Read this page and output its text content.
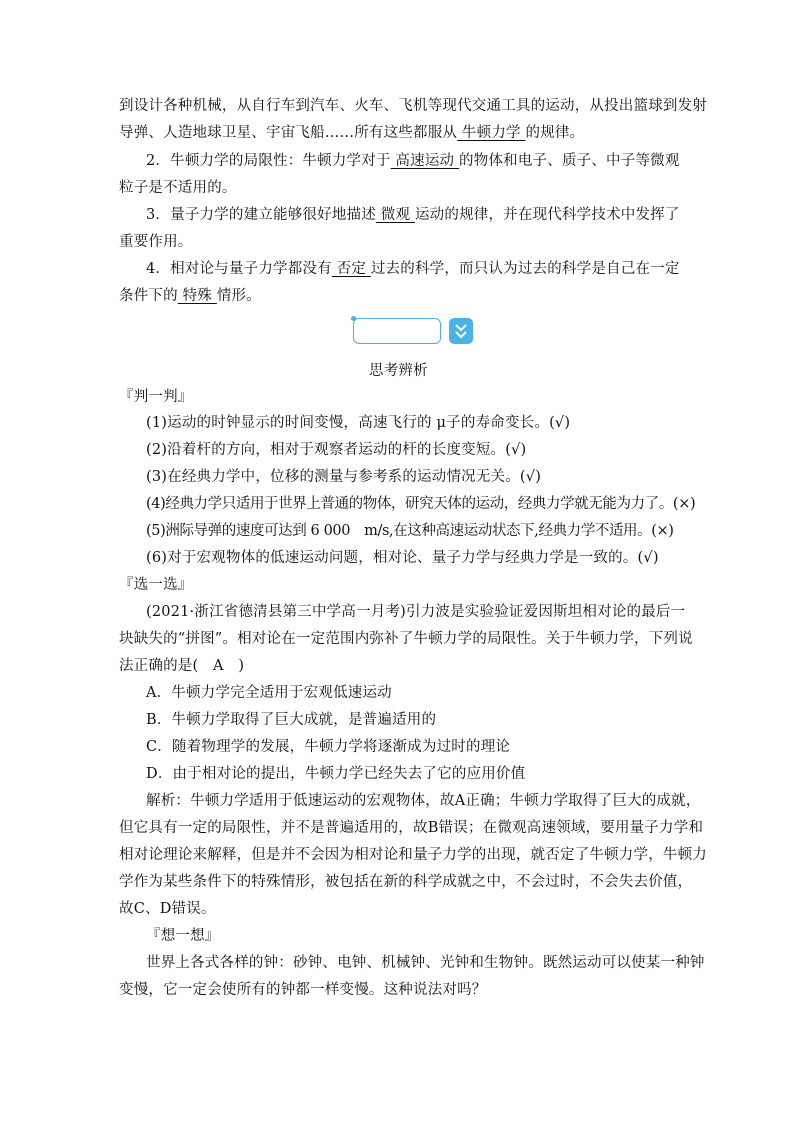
到设计各种机械，从自行车到汽车、火车、飞机等现代交通工具的运动，从投出篮球到发射
导弹、人造地球卫星、宇宙飞船……所有这些都服从 牛顿力学 的规律。
2．牛顿力学的局限性：牛顿力学对于 高速运动 的物体和电子、质子、中子等微观
粒子是不适用的。
3．量子力学的建立能够很好地描述 微观 运动的规律，并在现代科学技术中发挥了
重要作用。
4．相对论与量子力学都没有 否定 过去的科学，而只认为过去的科学是自己在一定
条件下的 特殊 情形。
思考辨析
『判一判』
(1)运动的时钟显示的时间变慢，高速飞行的 μ子的寿命变长。(√)
(2)沿着杆的方向，相对于观察者运动的杆的长度变短。(√)
(3)在经典力学中，位移的测量与参考系的运动情况无关。(√)
(4)经典力学只适用于世界上普通的物体，研究天体的运动，经典力学就无能为力了。(×)
(5)洲际导弹的速度可达到 6 000　m/s,在这种高速运动状态下,经典力学不适用。(×)
(6)对于宏观物体的低速运动问题，相对论、量子力学与经典力学是一致的。(√)
『选一选』
(2021·浙江省德清县第三中学高一月考)引力波是实验验证爱因斯坦相对论的最后一
块缺失的“拼图”。相对论在一定范围内弥补了牛顿力学的局限性。关于牛顿力学，下列说
法正确的是(　A　)
A．牛顿力学完全适用于宏观低速运动
B．牛顿力学取得了巨大成就，是普遍适用的
C．随着物理学的发展，牛顿力学将逐渐成为过时的理论
D．由于相对论的提出，牛顿力学已经失去了它的应用价值
解析：牛顿力学适用于低速运动的宏观物体，故A正确；牛顿力学取得了巨大的成就，
但它具有一定的局限性，并不是普遍适用的，故B错误；在微观高速领域，要用量子力学和
相对论理论来解释，但是并不会因为相对论和量子力学的出现，就否定了牛顿力学，牛顿力
学作为某些条件下的特殊情形，被包括在新的科学成就之中，不会过时，不会失去价值，
故C、D错误。
『想一想』
世界上各式各样的钟：砂钟、电钟、机械钟、光钟和生物钟。既然运动可以使某一种钟
变慢，它一定会使所有的钟都一样变慢。这种说法对吗？
